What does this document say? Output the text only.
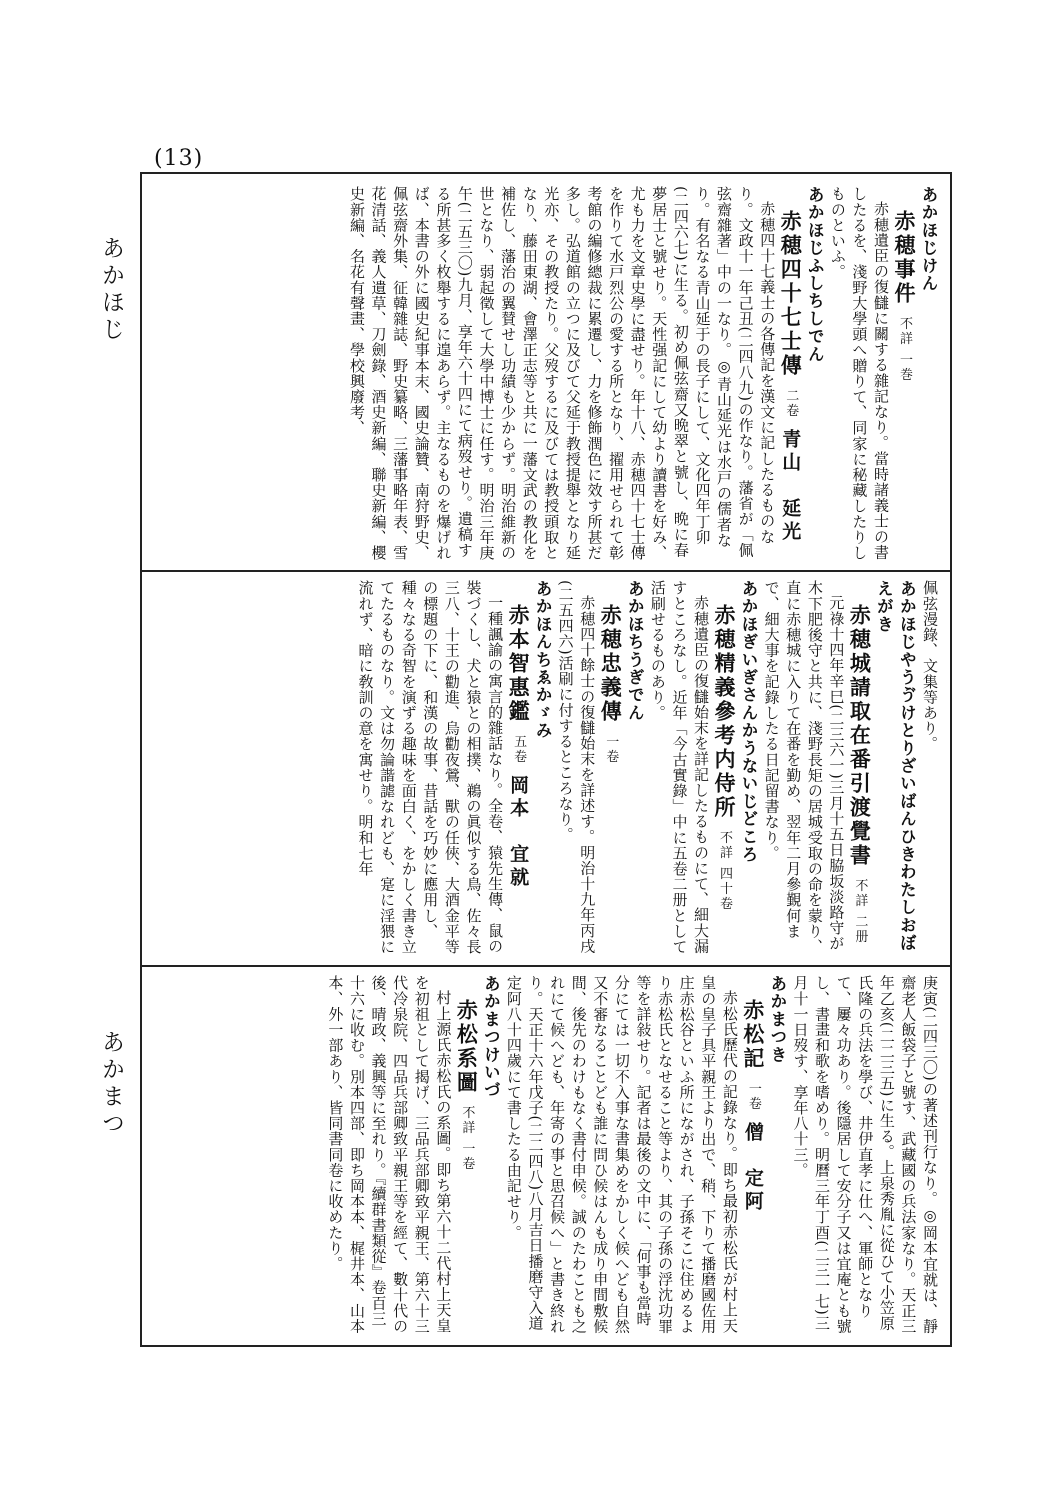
(13)
あかほじ
あかまつ
あかほじけん
赤穂事件 不詳 一巻
赤穂遺臣の復讎に關する雜記なり。當時諸義士の書したるを、淺野大學頭へ贈りて、同家に秘藏したりしものといふ。
あかほじふしちしでん
赤穂四十七士傳 二卷 青山　延光
赤穂四十七義士の各傳記を漢文に記したるものなり。文政十一年己丑(二四八九)の作なり。藩省が「佩弦齋雜著」中の一なり。◎青山延光は水戸の儒者なり。有名なる青山延于の長子にして、文化四年丁卯(二四六七)に生る。初め佩弦齋又晩翠と號し、晩に春夢居士と號せり。天性强記にして幼より讀書を好み、尤も力を文章史學に盡せり。年十八、赤穂四十七士傳を作りて水戸烈公の愛する所となり、擢用せられて彰考館の編修總裁に累遷し、力を修飾潤色に效す所甚だ多し。弘道館の立つに及びて父延于教授提舉となり延光亦、その教授たり。父歿するに及びては教授頭取となり、藤田東湖、會澤正志等と共に一藩文武の教化を補佐し、藩治の翼賛せし功績も少からず。明治維新の世となり、弱起徵して大學中博士に任す。明治三年庚午(二五三〇)九月、享年六十四にて病歿せり。遺稿する所甚多く枚舉するに遑あらず。主なるものを爆げれば、本書の外に國史紀事本末、國史論贊、南狩野史、佩弦齋外集、征韓雜誌、野史纂略、三藩事略年表、雪花清話、義人遺草、刀劍錄、酒史新編、聯史新編、櫻史新編、名花有聲畫、學校興廢考、
佩弦漫錄、文集等あり。
あかほじやうゔけとりざいばんひきわたしおぼえがき
赤穂城請取在番引渡覺書 不詳 二册
元祿十四年辛巳(二三六一)三月十五日脇坂淡路守が木下肥後守と共に、淺野長矩の居城受取の命を蒙り、直に赤穂城に入りて在番を勤め、翌年二月參覲何まで、細大事を記錄したる日記留書なり。
あかほぎいぎさんかうないじどころ
赤穂精義參考内侍所 不詳 四十卷
赤穂遺臣の復讎始末を詳記したるものにて、細大漏すところなし。近年「今古實錄」中に五卷二册として活刷せるものあり。
あかほちうぎでん
赤穂忠義傳 一卷
赤穂四十餘士の復讎始末を詳述す。明治十九年丙戌(二五四六)活刷に付するところなり。
あかほんちゑかゞみ
赤本智惠鑑 五卷 岡本　宜就
一種諷諭の寓言的雜話なり。全卷、猿先生傳、鼠の裝づくし、犬と猿との相撲、鵜の眞似する鳥、佐々長三八、十王の勸進、烏勸夜鶯、獸の任俠、大酒金平等の標題の下に、和漢の故事、昔話を巧妙に應用し、種々なる奇智を演ずる趣味を面白く、をかしく書き立てたるものなり。文は勿論諧謔なれども、寔に淫猥に流れず、暗に敎訓の意を寓せり。明和七年
庚寅(二四三〇)の著述刊行なり。◎岡本宜就は、靜齋老人飯袋子と號す、武藏國の兵法家なり。天正三年乙亥(二二三五)に生る。上泉秀胤に從ひて小笠原氏隆の兵法を學び、井伊直孝に仕へ、軍師となりて、屢々功あり。後隱居して安分子又は宜庵とも號し、書畫和歌を嗜めり。明曆三年丁酉(二三一七)三月十一日歿す、享年八十三。
あかまつき
赤松記 一卷 僧　定阿
赤松氏歷代の記錄なり。即ち最初赤松氏が村上天皇の皇子具平親王より出で、稍、下りて播磨國佐用庄赤松谷といふ所にながされ、子孫そこに住めるより赤松氏となせること等より、其の子孫の浮沈功罪等を詳敍せり。記者は最後の文中に、「何事も當時分にては一切不入事な書集めをかしく候へども自然又不審なることども誰に問ひ候はんも成り申間敷候間、後先のわけもなく書付申候。誠のたわことも之れにて候へども、年寄の事と思召候へ」と書き終れり。天正十六年戊子(二二四八)八月吉日播磨守入道定阿八十四歲にて書したる由記せり。
あかまつけいづ
赤松系圖 不詳 一卷
村上源氏赤松氏の系圖。即ち第六十二代村上天皇を初祖として揭げ、三品兵部卿致平親王、第六十三代冷泉院、四品兵部卿致平親王等を經て、數十代の後、晴政、義興等に至れり。『續群書類從』卷百三十六に收む。別本四部、即ち岡本本、梶井本、山本本、外一部あり、皆同書同卷に收めたり。
